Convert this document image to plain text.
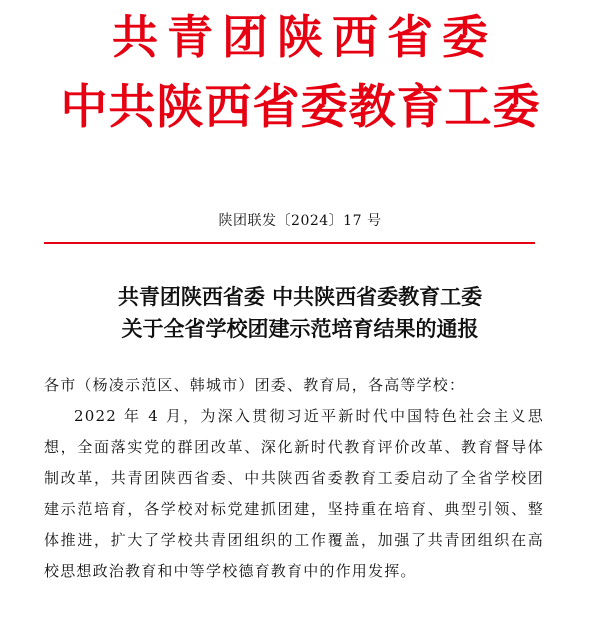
共青团陕西省委
中共陕西省委教育工委
陕团联发〔2024〕17 号
共青团陕西省委 中共陕西省委教育工委
关于全省学校团建示范培育结果的通报

各市（杨凌示范区、韩城市）团委、教育局，各高等学校：

2022 年 4 月，为深入贯彻习近平新时代中国特色社会主义思想，全面落实党的群团改革、深化新时代教育评价改革、教育督导体制改革，共青团陕西省委、中共陕西省委教育工委启动了全省学校团建示范培育，各学校对标党建抓团建，坚持重在培育、典型引领、整体推进，扩大了学校共青团组织的工作覆盖，加强了共青团组织在高校思想政治教育和中等学校德育教育中的作用发挥。
